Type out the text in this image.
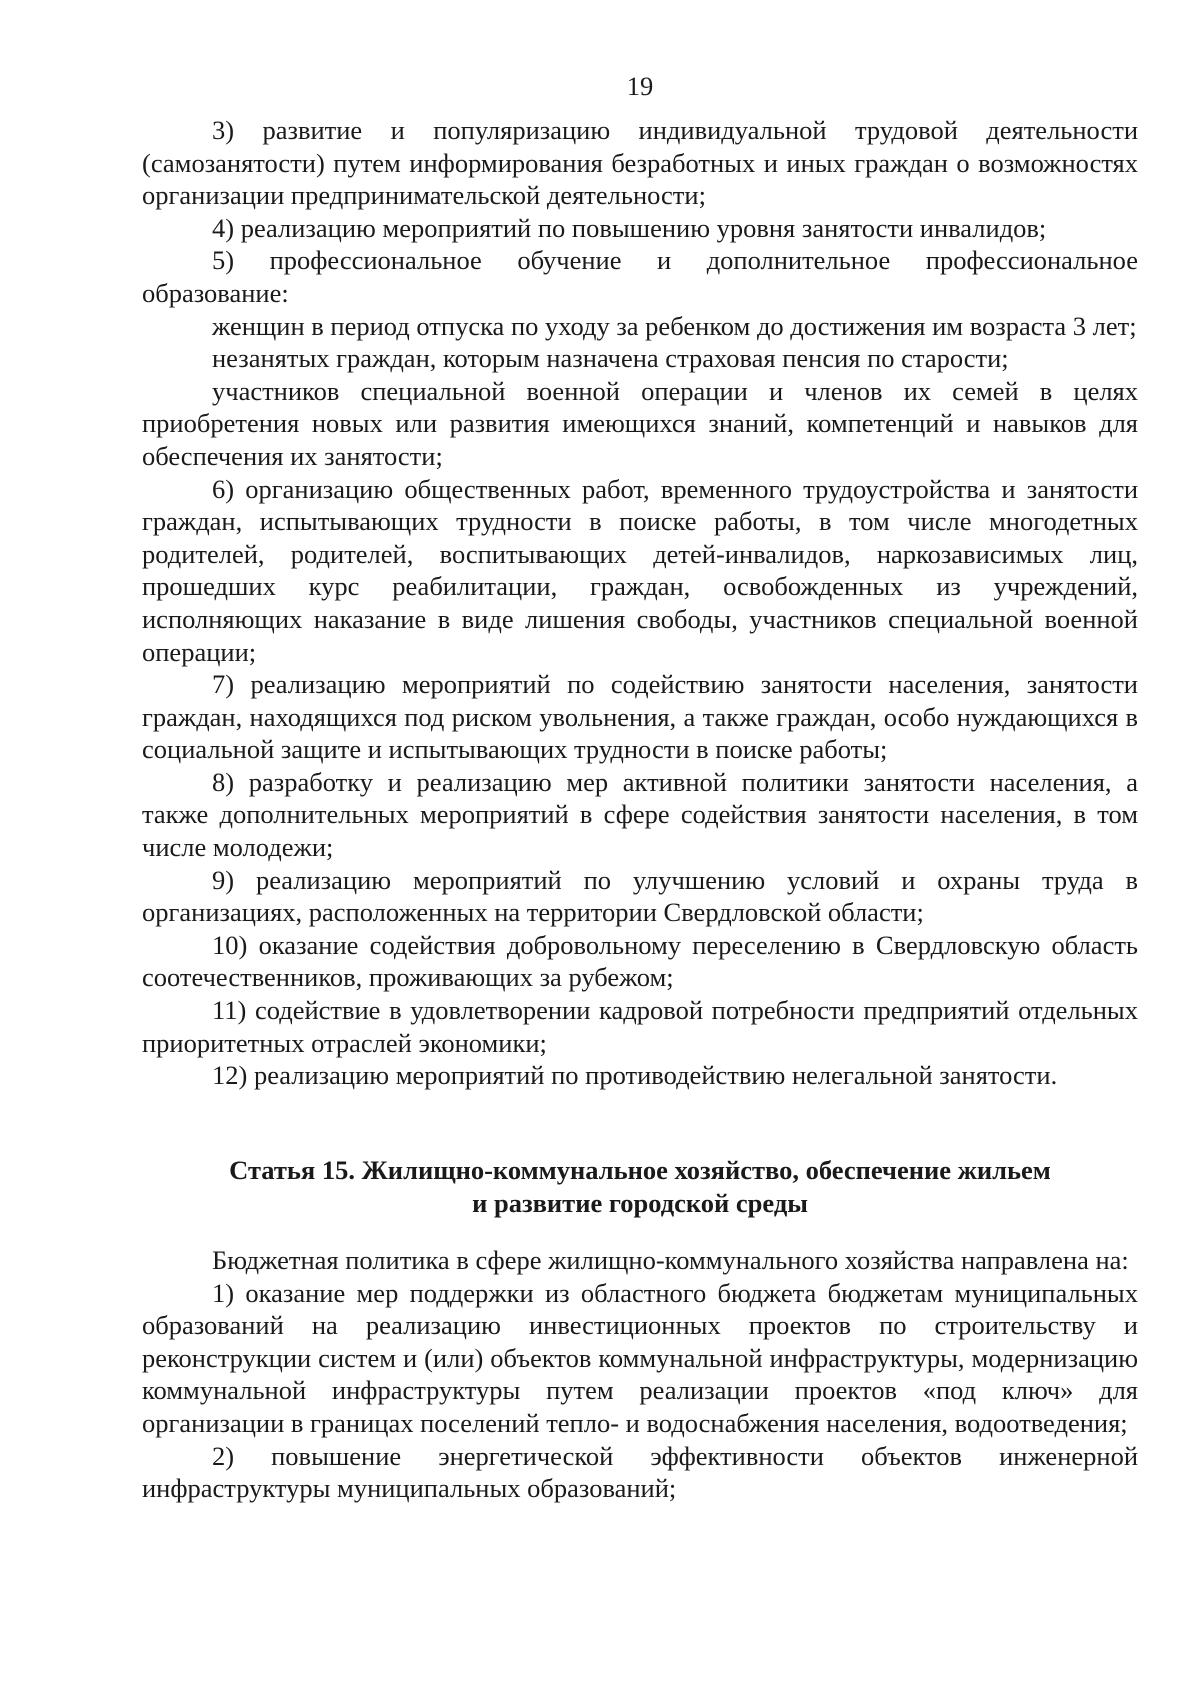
19

3) развитие и популяризацию индивидуальной трудовой деятельности (самозанятости) путем информирования безработных и иных граждан о возможностях организации предпринимательской деятельности;

4) реализацию мероприятий по повышению уровня занятости инвалидов;

5) профессиональное обучение и дополнительное профессиональное образование:

женщин в период отпуска по уходу за ребенком до достижения им возраста 3 лет;

незанятых граждан, которым назначена страховая пенсия по старости;

участников специальной военной операции и членов их семей в целях приобретения новых или развития имеющихся знаний, компетенций и навыков для обеспечения их занятости;

6) организацию общественных работ, временного трудоустройства и занятости граждан, испытывающих трудности в поиске работы, в том числе многодетных родителей, родителей, воспитывающих детей-инвалидов, наркозависимых лиц, прошедших курс реабилитации, граждан, освобожденных из учреждений, исполняющих наказание в виде лишения свободы, участников специальной военной операции;

7) реализацию мероприятий по содействию занятости населения, занятости граждан, находящихся под риском увольнения, а также граждан, особо нуждающихся в социальной защите и испытывающих трудности в поиске работы;

8) разработку и реализацию мер активной политики занятости населения, а также дополнительных мероприятий в сфере содействия занятости населения, в том числе молодежи;

9) реализацию мероприятий по улучшению условий и охраны труда в организациях, расположенных на территории Свердловской области;

10) оказание содействия добровольному переселению в Свердловскую область соотечественников, проживающих за рубежом;

11) содействие в удовлетворении кадровой потребности предприятий отдельных приоритетных отраслей экономики;

12) реализацию мероприятий по противодействию нелегальной занятости.

Статья 15. Жилищно-коммунальное хозяйство, обеспечение жильем
и развитие городской среды

Бюджетная политика в сфере жилищно-коммунального хозяйства направлена на:

1) оказание мер поддержки из областного бюджета бюджетам муниципальных образований на реализацию инвестиционных проектов по строительству и реконструкции систем и (или) объектов коммунальной инфраструктуры, модернизацию коммунальной инфраструктуры путем реализации проектов «под ключ» для организации в границах поселений тепло- и водоснабжения населения, водоотведения;

2) повышение энергетической эффективности объектов инженерной инфраструктуры муниципальных образований;
